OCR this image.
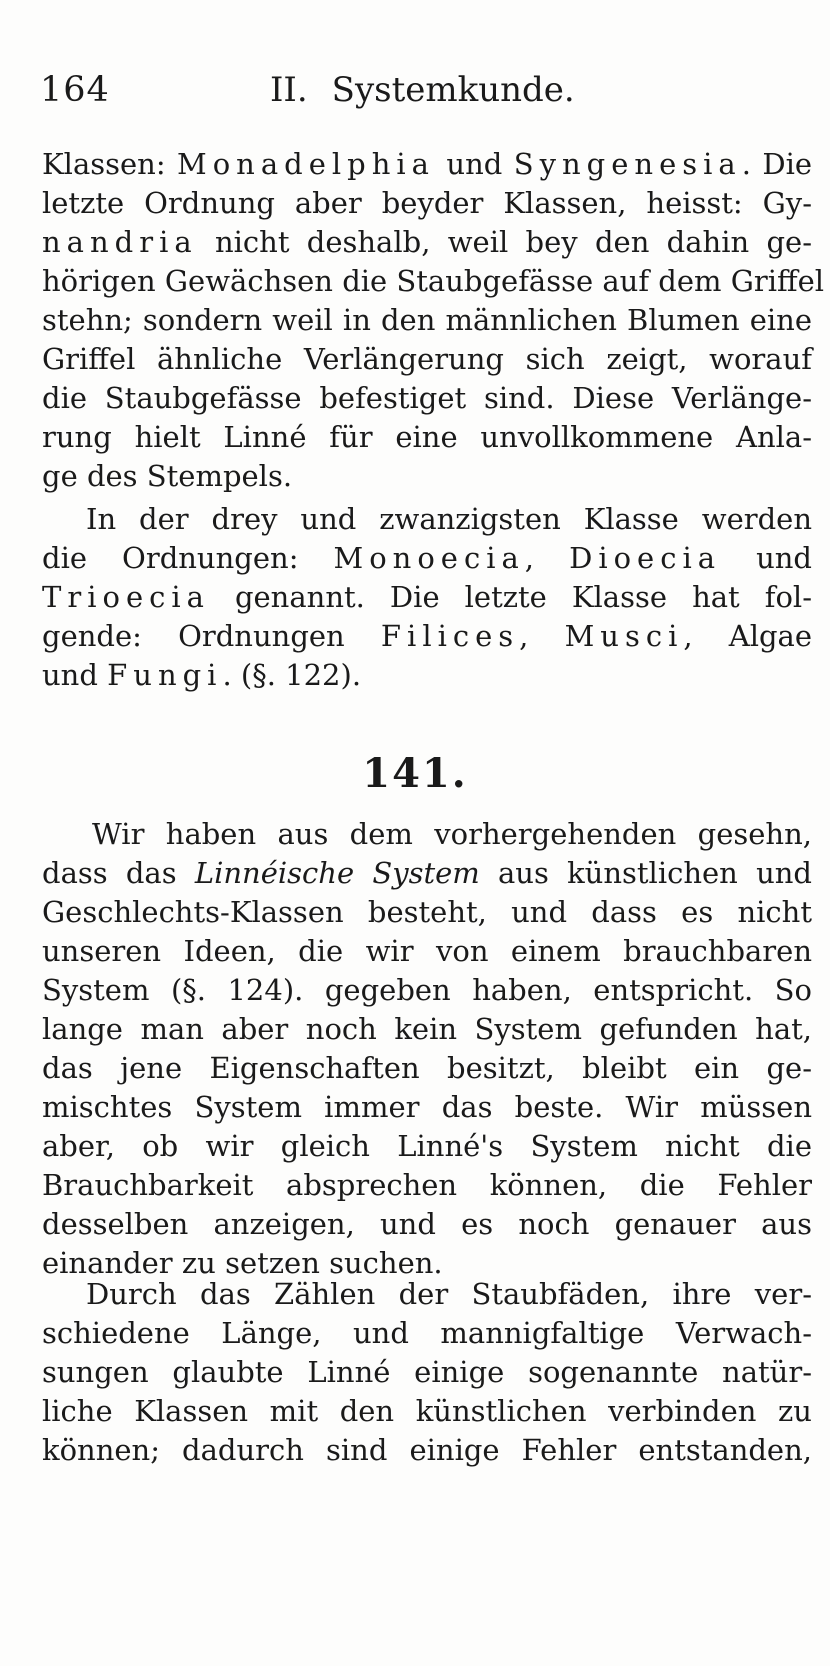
164	II. Systemkunde.
Klassen: Monadelphia und Syngenesia. Die
letzte Ordnung aber beyder Klassen, heisst: Gy-
nandria nicht deshalb, weil bey den dahin ge-
hörigen Gewächsen die Staubgefässe auf dem Griffel
stehn; sondern weil in den männlichen Blumen eine
Griffel ähnliche Verlängerung sich zeigt, worauf
die Staubgefässe befestiget sind. Diese Verlänge-
rung hielt Linné für eine unvollkommene Anla-
ge des Stempels.
In der drey und zwanzigsten Klasse werden
die Ordnungen: Monoecia, Dioecia und
Trioecia genannt. Die letzte Klasse hat fol-
gende: Ordnungen Filices, Musci, Algae
und Fungi. (§. 122).
141.
Wir haben aus dem vorhergehenden gesehn,
dass das Linnéische System aus künstlichen und
Geschlechts-Klassen besteht, und dass es nicht
unseren Ideen, die wir von einem brauchbaren
System (§. 124). gegeben haben, entspricht. So
lange man aber noch kein System gefunden hat,
das jene Eigenschaften besitzt, bleibt ein ge-
mischtes System immer das beste. Wir müssen
aber, ob wir gleich Linné's System nicht die
Brauchbarkeit absprechen können, die Fehler
desselben anzeigen, und es noch genauer aus
einander zu setzen suchen.
Durch das Zählen der Staubfäden, ihre ver-
schiedene Länge, und mannigfaltige Verwach-
sungen glaubte Linné einige sogenannte natür-
liche Klassen mit den künstlichen verbinden zu
können; dadurch sind einige Fehler entstanden,
